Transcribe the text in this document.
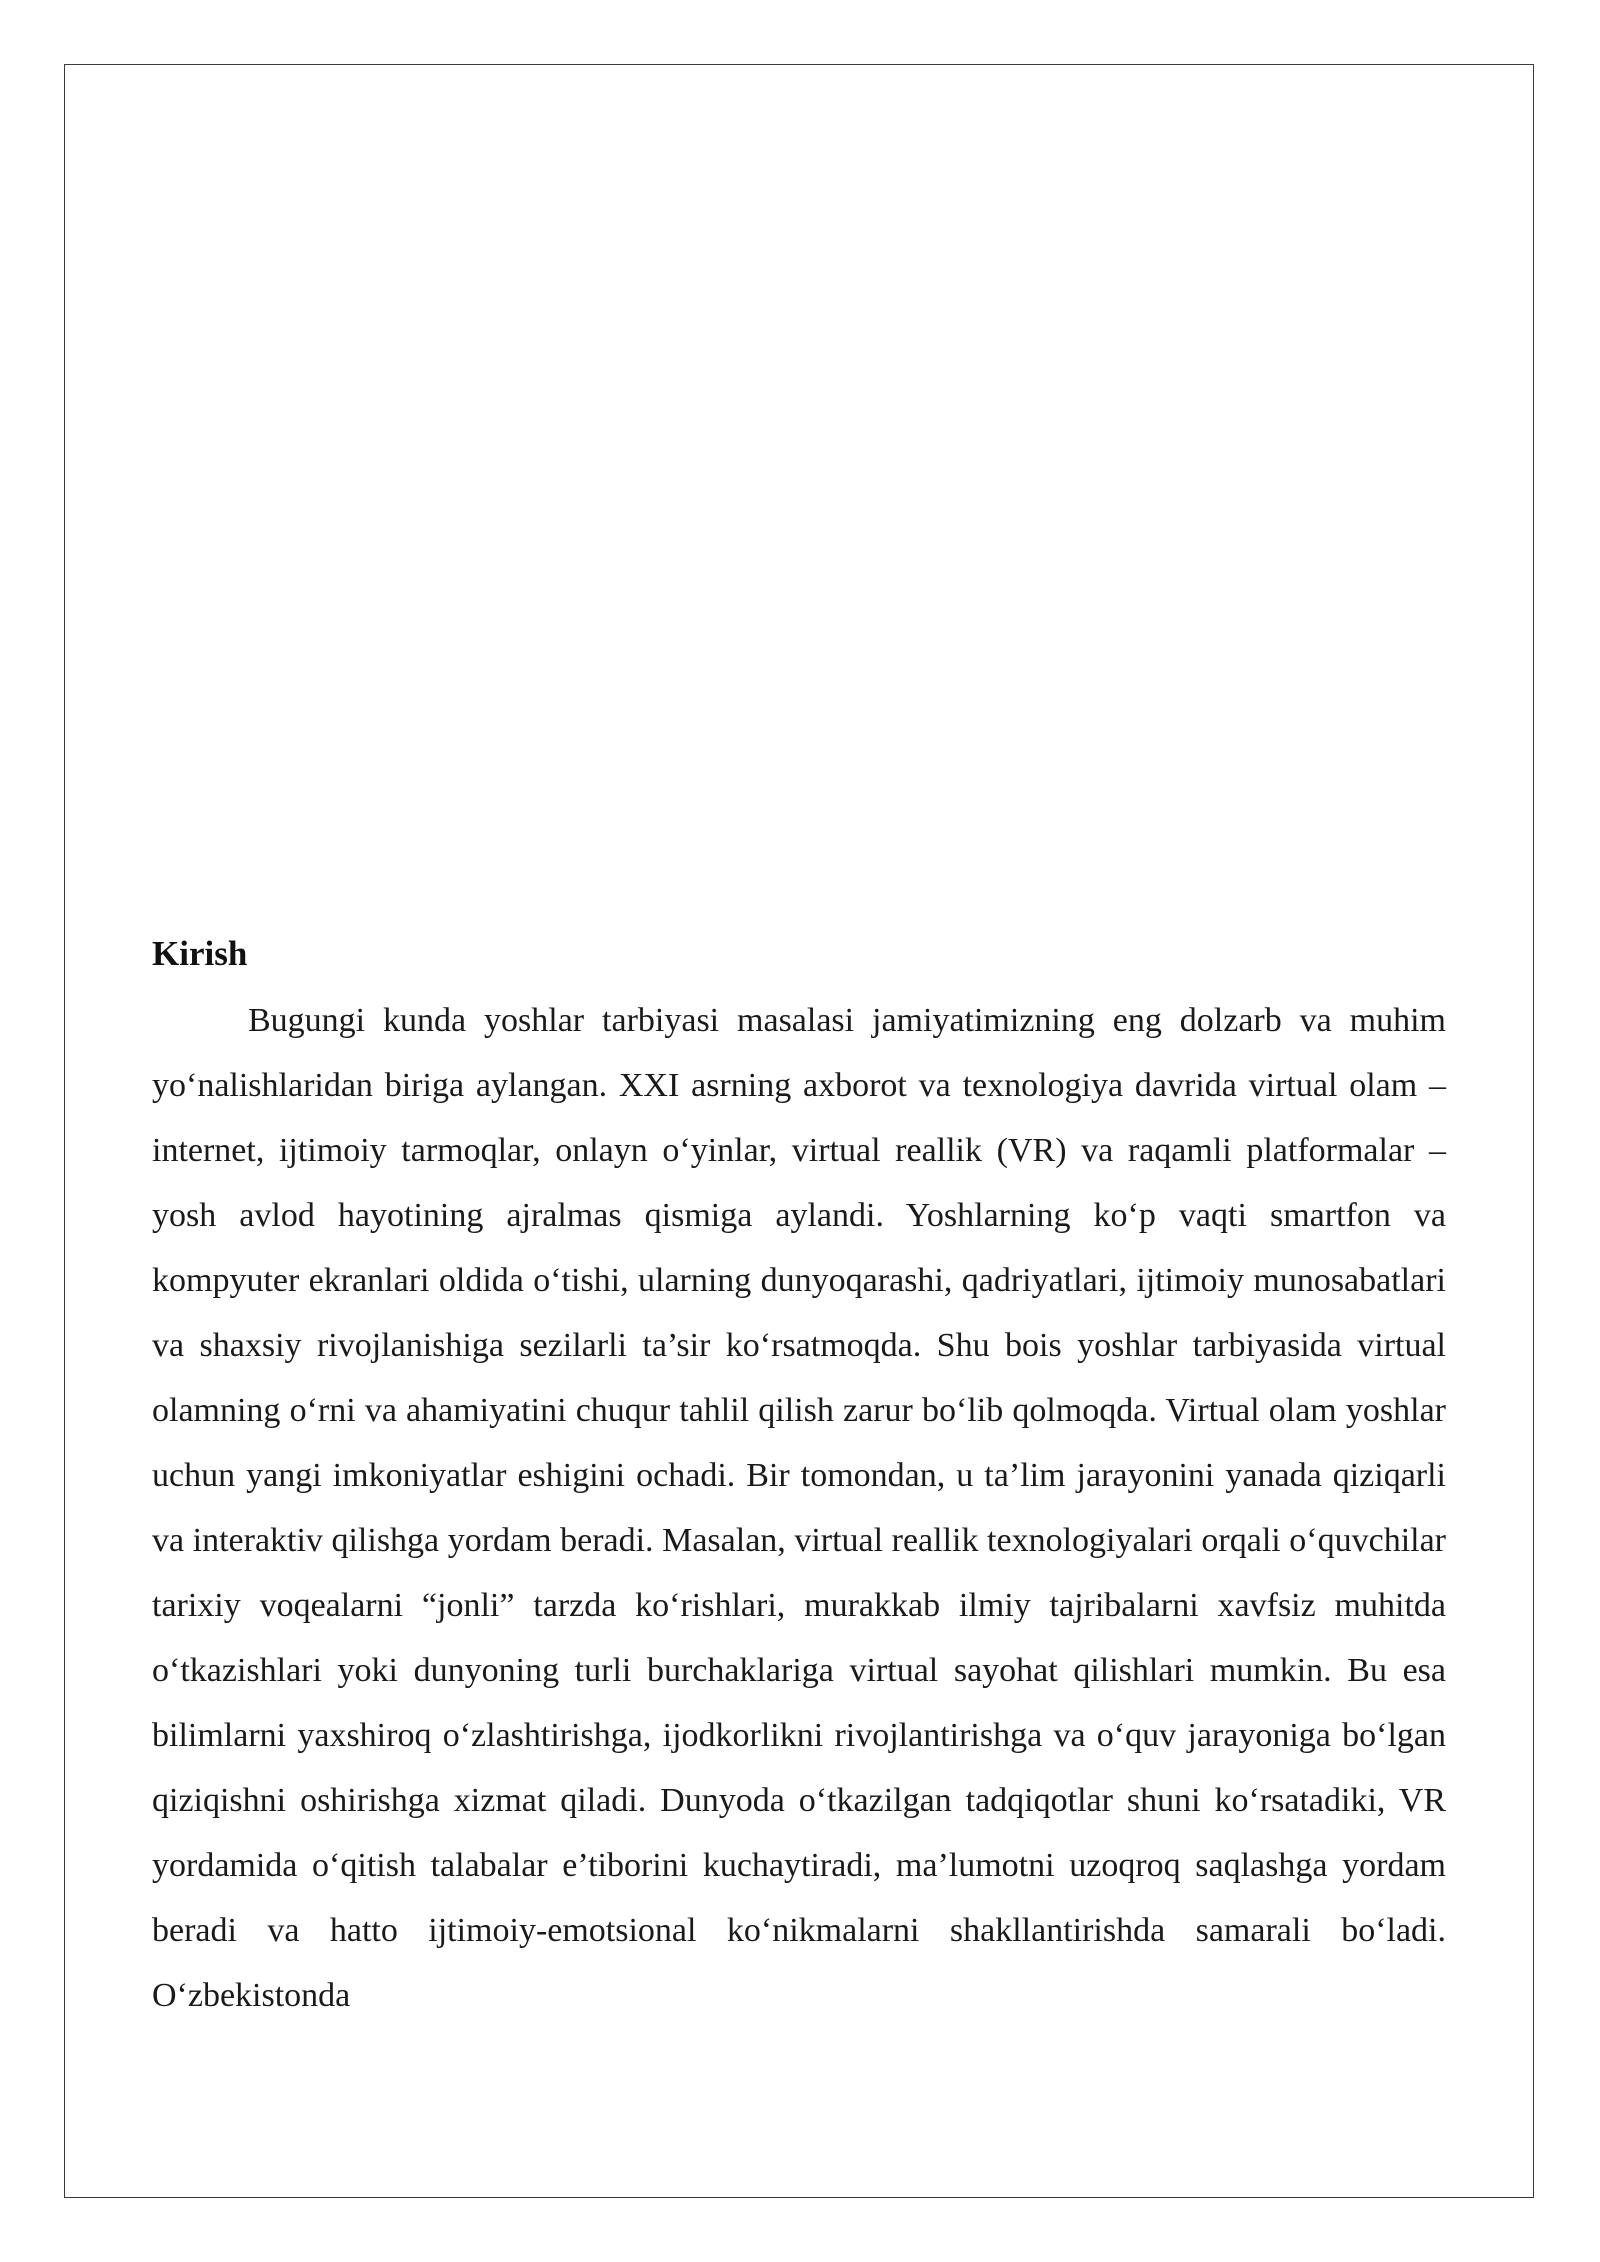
Kirish

Bugungi kunda yoshlar tarbiyasi masalasi jamiyatimizning eng dolzarb va muhim yo‘nalishlaridan biriga aylangan. XXI asrning axborot va texnologiya davrida virtual olam – internet, ijtimoiy tarmoqlar, onlayn o‘yinlar, virtual reallik (VR) va raqamli platformalar – yosh avlod hayotining ajralmas qismiga aylandi. Yoshlarning ko‘p vaqti smartfon va kompyuter ekranlari oldida o‘tishi, ularning dunyoqarashi, qadriyatlari, ijtimoiy munosabatlari va shaxsiy rivojlanishiga sezilarli ta’sir ko‘rsatmoqda. Shu bois yoshlar tarbiyasida virtual olamning o‘rni va ahamiyatini chuqur tahlil qilish zarur bo‘lib qolmoqda. Virtual olam yoshlar uchun yangi imkoniyatlar eshigini ochadi. Bir tomondan, u ta’lim jarayonini yanada qiziqarli va interaktiv qilishga yordam beradi. Masalan, virtual reallik texnologiyalari orqali o‘quvchilar tarixiy voqealarni “jonli” tarzda ko‘rishlari, murakkab ilmiy tajribalarni xavfsiz muhitda o‘tkazishlari yoki dunyoning turli burchaklariga virtual sayohat qilishlari mumkin. Bu esa bilimlarni yaxshiroq o‘zlashtirishga, ijodkorlikni rivojlantirishga va o‘quv jarayoniga bo‘lgan qiziqishni oshirishga xizmat qiladi. Dunyoda o‘tkazilgan tadqiqotlar shuni ko‘rsatadiki, VR yordamida o‘qitish talabalar e’tiborini kuchaytiradi, ma’lumotni uzoqroq saqlashga yordam beradi va hatto ijtimoiy-emotsional ko‘nikmalarni shakllantirishda samarali bo‘ladi. O‘zbekistonda
